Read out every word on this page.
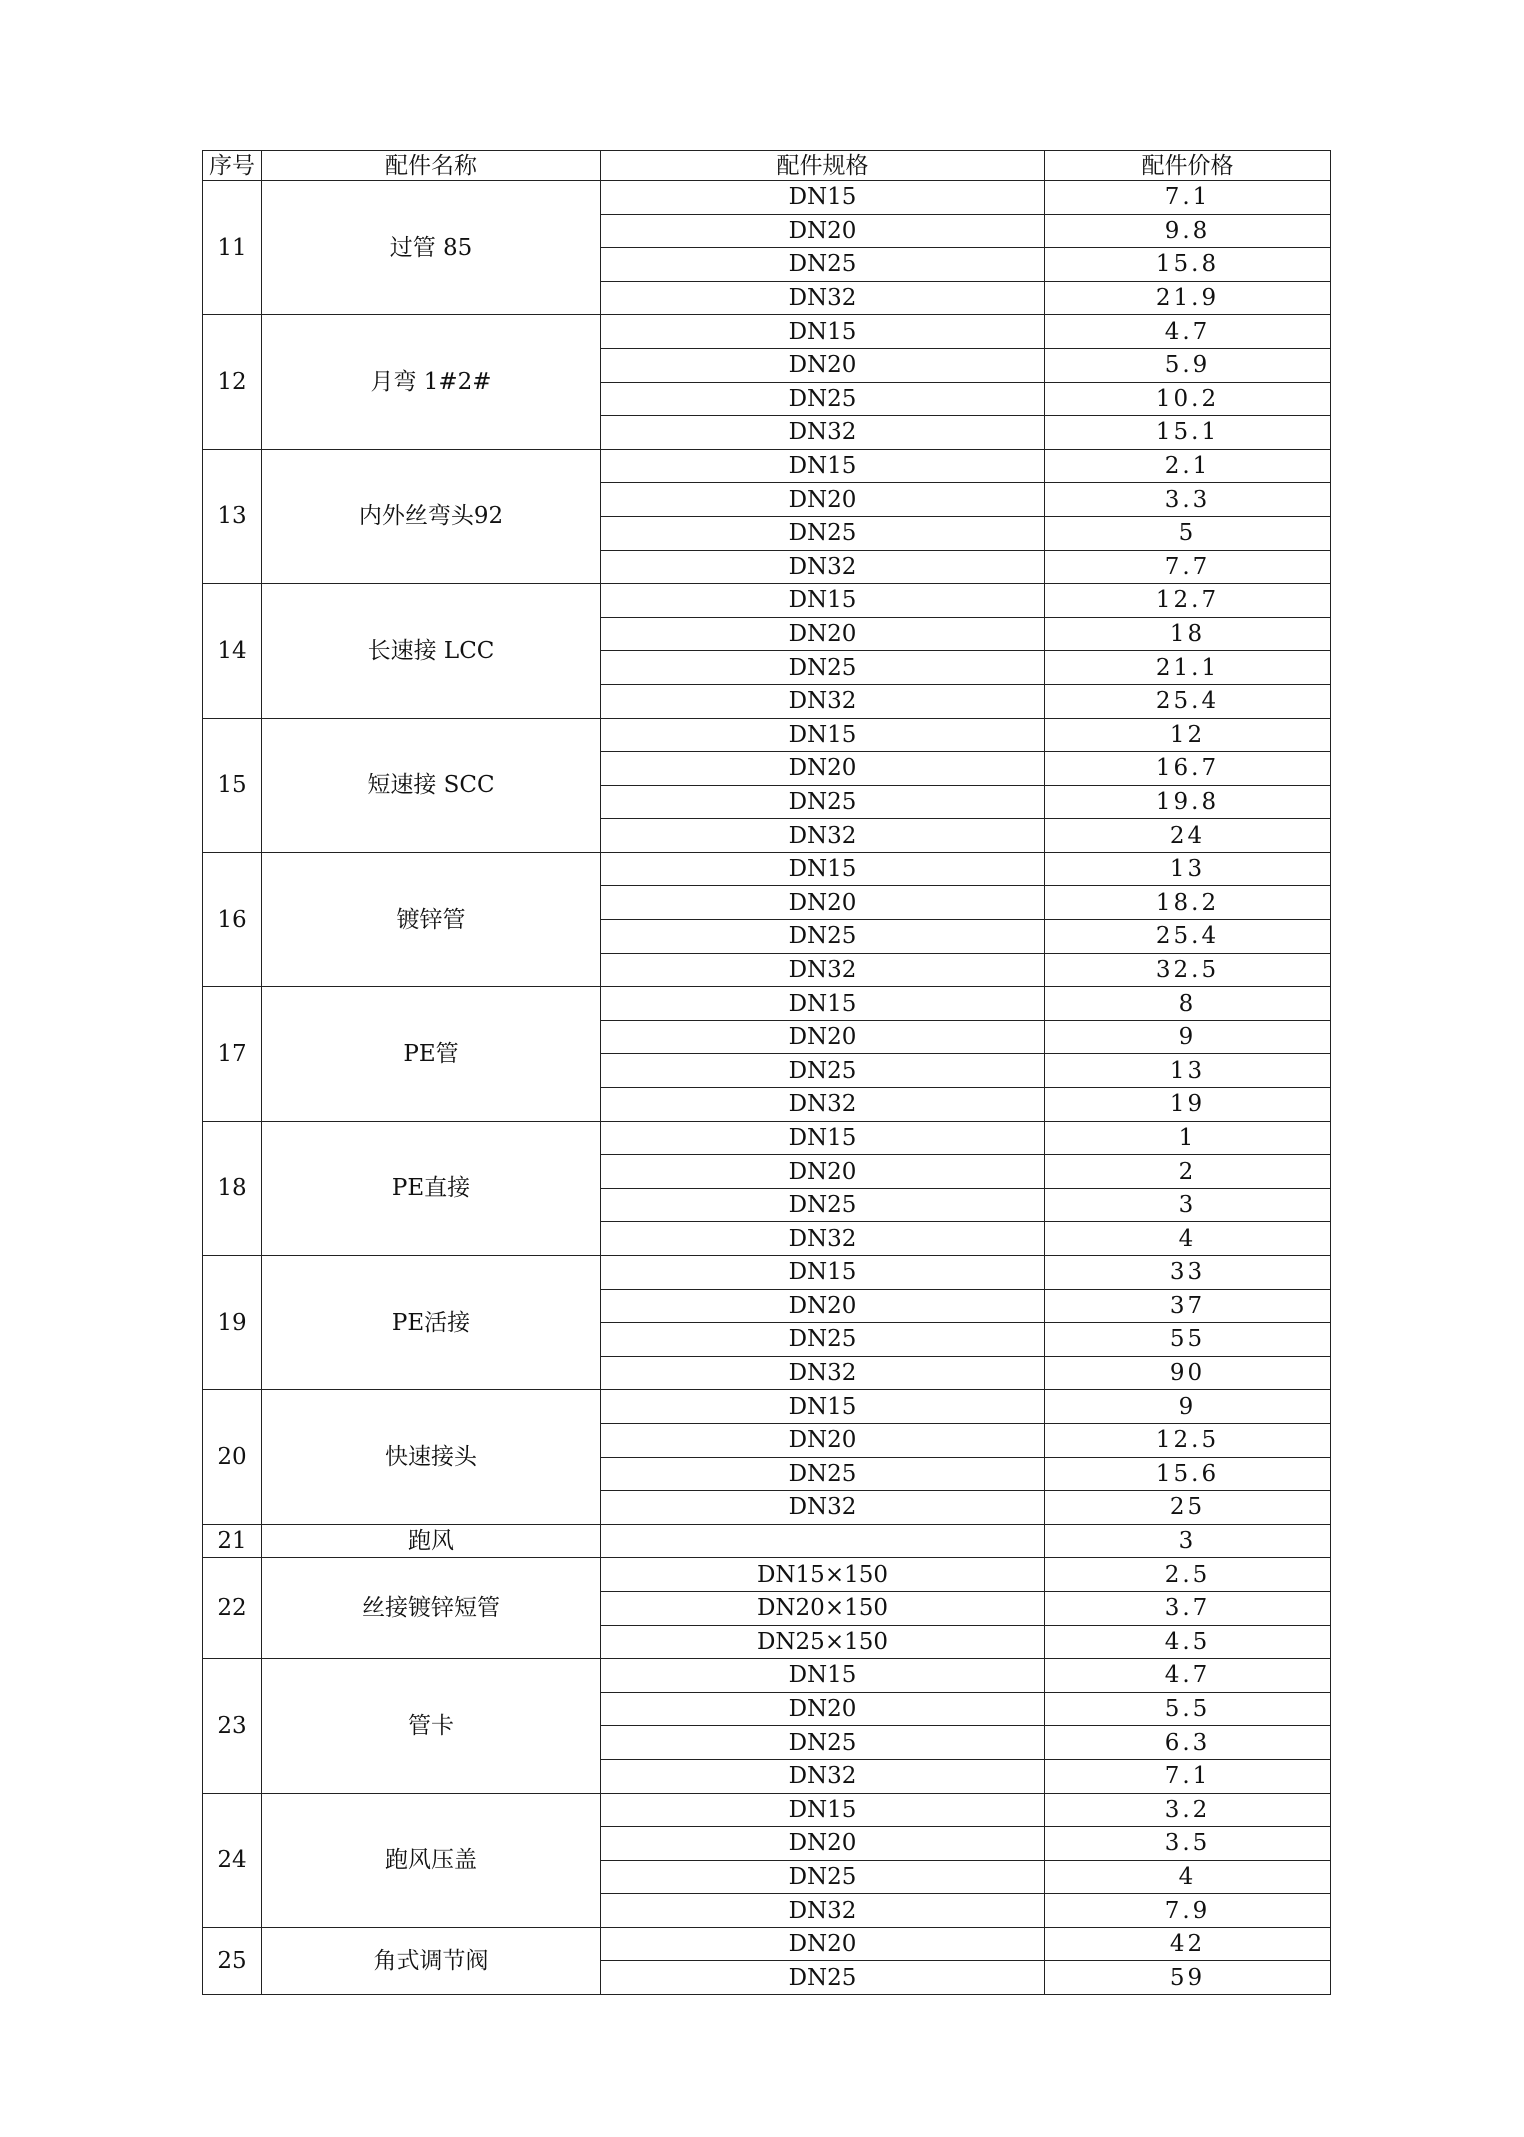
序号	配件名称	配件规格	配件价格
11	过管 85	DN15	7.1
		DN20	9.8
		DN25	15.8
		DN32	21.9
12	月弯 1#2#	DN15	4.7
		DN20	5.9
		DN25	10.2
		DN32	15.1
13	内外丝弯头92	DN15	2.1
		DN20	3.3
		DN25	5
		DN32	7.7
14	长速接 LCC	DN15	12.7
		DN20	18
		DN25	21.1
		DN32	25.4
15	短速接 SCC	DN15	12
		DN20	16.7
		DN25	19.8
		DN32	24
16	镀锌管	DN15	13
		DN20	18.2
		DN25	25.4
		DN32	32.5
17	PE管	DN15	8
		DN20	9
		DN25	13
		DN32	19
18	PE直接	DN15	1
		DN20	2
		DN25	3
		DN32	4
19	PE活接	DN15	33
		DN20	37
		DN25	55
		DN32	90
20	快速接头	DN15	9
		DN20	12.5
		DN25	15.6
		DN32	25
21	跑风		3
22	丝接镀锌短管	DN15×150	2.5
		DN20×150	3.7
		DN25×150	4.5
23	管卡	DN15	4.7
		DN20	5.5
		DN25	6.3
		DN32	7.1
24	跑风压盖	DN15	3.2
		DN20	3.5
		DN25	4
		DN32	7.9
25	角式调节阀	DN20	42
		DN25	59
